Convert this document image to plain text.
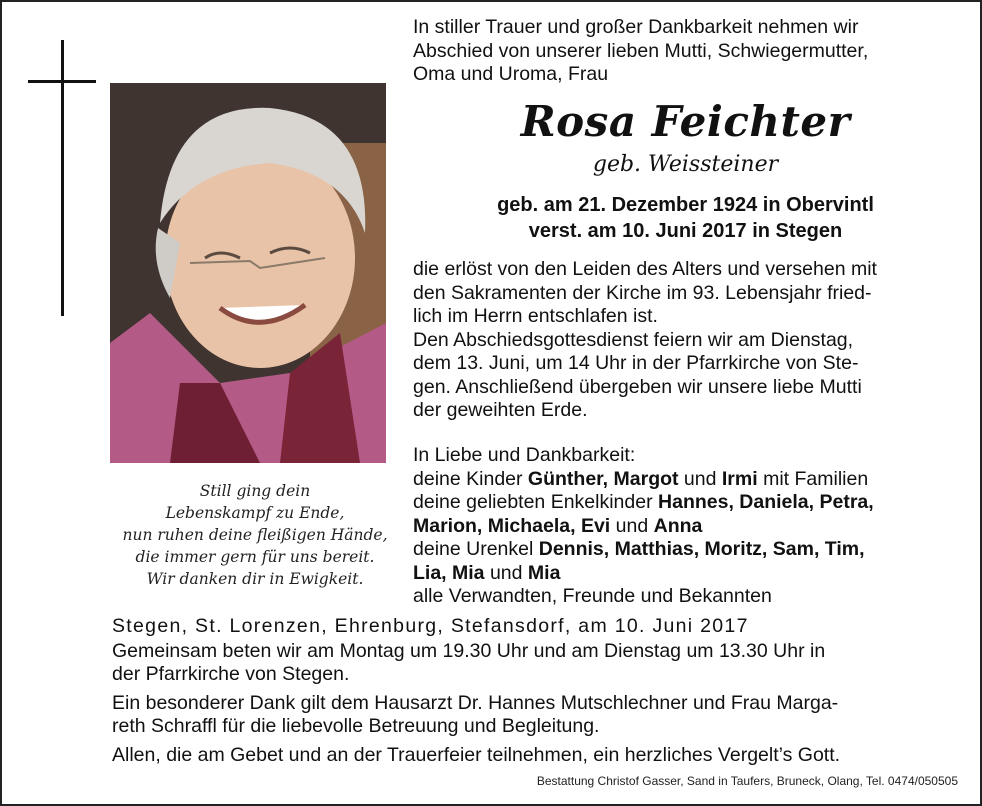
Still ging dein
Lebenskampf zu Ende,
nun ruhen deine fleißigen Hände,
die immer gern für uns bereit.
Wir danken dir in Ewigkeit.
In stiller Trauer und großer Dankbarkeit nehmen wir
Abschied von unserer lieben Mutti, Schwiegermutter,
Oma und Uroma, Frau
Rosa Feichter
geb. Weissteiner
geb. am 21. Dezember 1924 in Obervintl
verst. am 10. Juni 2017 in Stegen
die erlöst von den Leiden des Alters und versehen mit
den Sakramenten der Kirche im 93. Lebensjahr fried-
lich im Herrn entschlafen ist.
Den Abschiedsgottesdienst feiern wir am Dienstag,
dem 13. Juni, um 14 Uhr in der Pfarrkirche von Ste-
gen. Anschließend übergeben wir unsere liebe Mutti
der geweihten Erde.
In Liebe und Dankbarkeit:
deine Kinder Günther, Margot und Irmi mit Familien
deine geliebten Enkelkinder Hannes, Daniela, Petra,
Marion, Michaela, Evi und Anna
deine Urenkel Dennis, Matthias, Moritz, Sam, Tim,
Lia, Mia und Mia
alle Verwandten, Freunde und Bekannten
Stegen, St. Lorenzen, Ehrenburg, Stefansdorf, am 10. Juni 2017
Gemeinsam beten wir am Montag um 19.30 Uhr und am Dienstag um 13.30 Uhr in
der Pfarrkirche von Stegen.
Ein besonderer Dank gilt dem Hausarzt Dr. Hannes Mutschlechner und Frau Marga-
reth Schraffl für die liebevolle Betreuung und Begleitung.
Allen, die am Gebet und an der Trauerfeier teilnehmen, ein herzliches Vergelt’s Gott.
Bestattung Christof Gasser, Sand in Taufers, Bruneck, Olang, Tel. 0474/050505
